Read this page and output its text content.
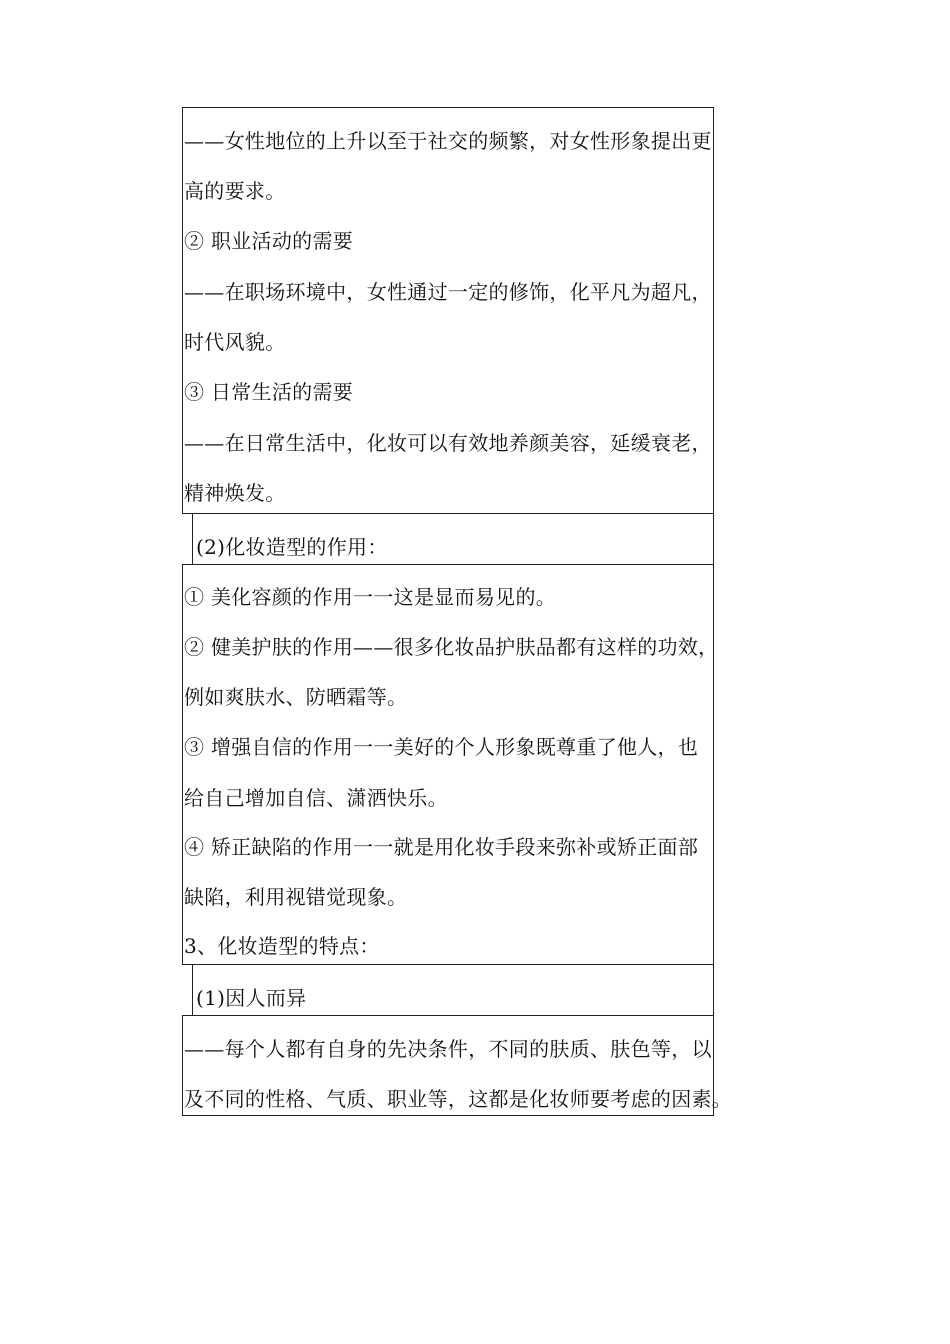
——女性地位的上升以至于社交的频繁，对女性形象提出更
高的要求。
② 职业活动的需要
——在职场环境中，女性通过一定的修饰，化平凡为超凡，
时代风貌。
③ 日常生活的需要
——在日常生活中，化妆可以有效地养颜美容，延缓衰老，
精神焕发。
(2)化妆造型的作用：
① 美化容颜的作用一一这是显而易见的。
② 健美护肤的作用——很多化妆品护肤品都有这样的功效，
例如爽肤水、防晒霜等。
③ 增强自信的作用一一美好的个人形象既尊重了他人，也
给自己增加自信、潇洒快乐。
④ 矫正缺陷的作用一一就是用化妆手段来弥补或矫正面部
缺陷，利用视错觉现象。
3、化妆造型的特点：
(1)因人而异
——每个人都有自身的先决条件，不同的肤质、肤色等，以
及不同的性格、气质、职业等，这都是化妆师要考虑的因素。
